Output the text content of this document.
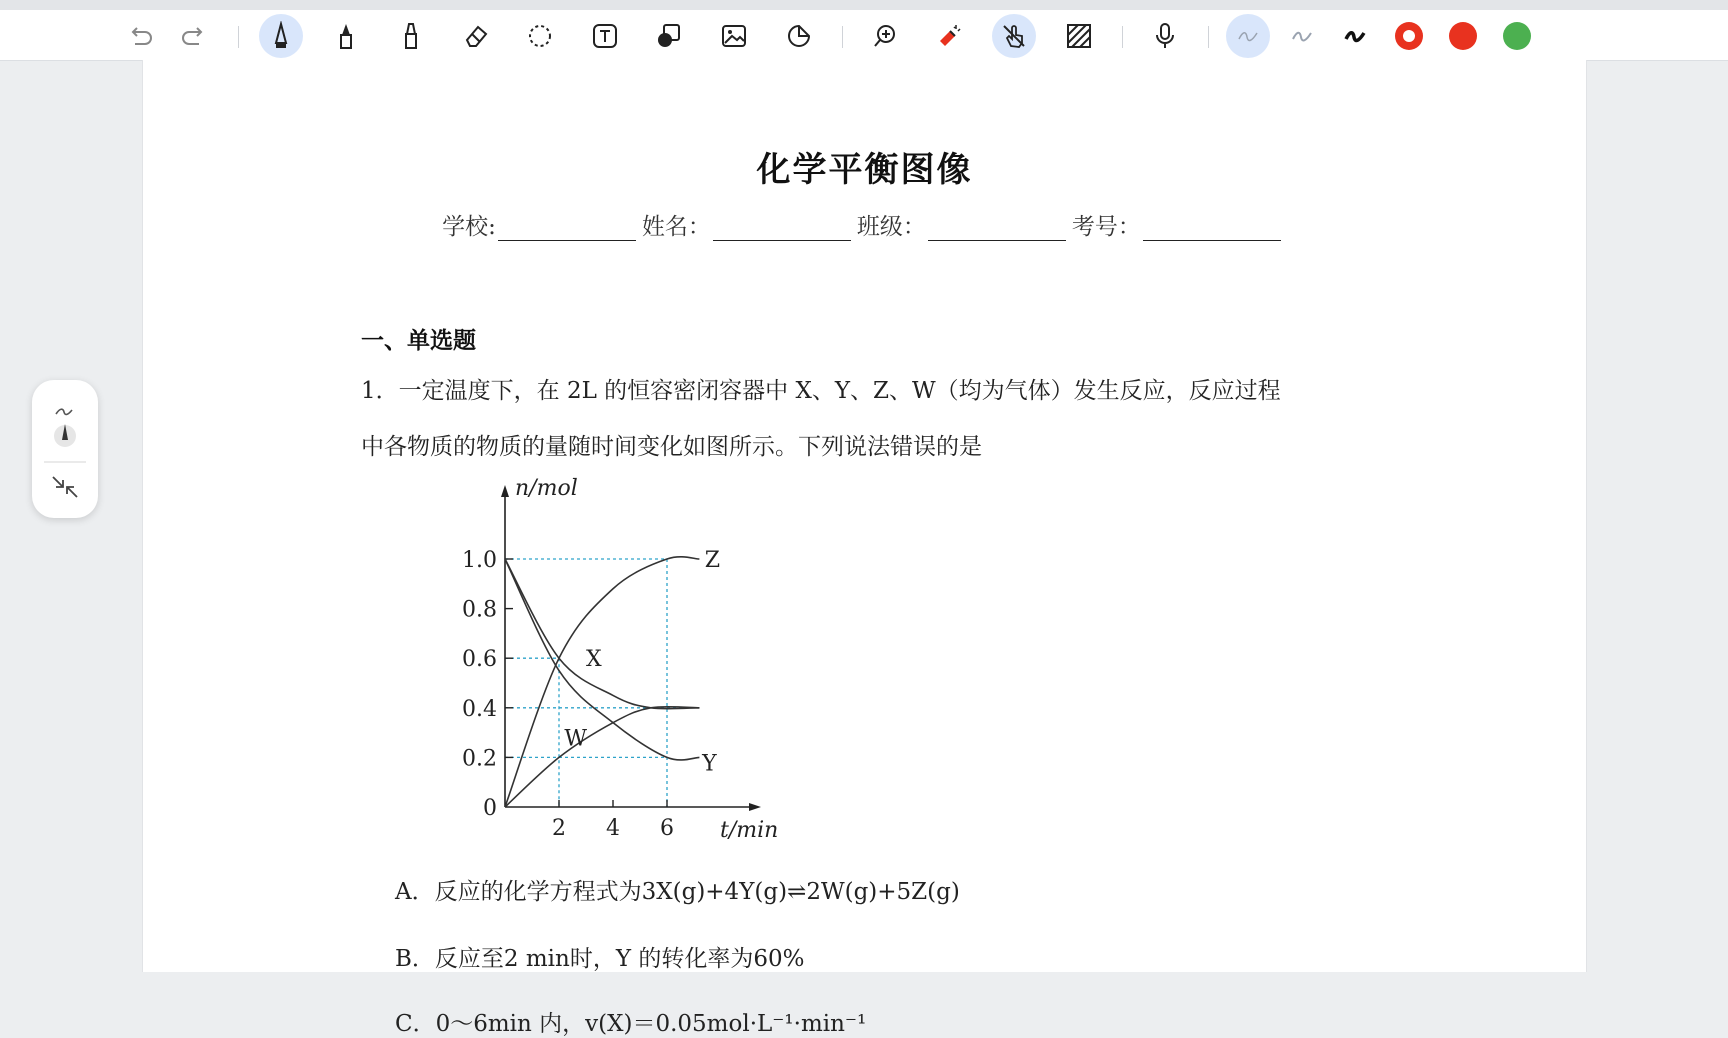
化学平衡图像
学校:	姓名：	班级：	考号：
一、单选题
1．一定温度下，在 2L 的恒容密闭容器中 X、Y、Z、W（均为气体）发生反应，反应过程
中各物质的物质的量随时间变化如图所示。下列说法错误的是
0
0.2
0.4
0.6
0.8
1.0
2 4 6
n/mol
t/min
Z
X
Y
W
A．反应的化学方程式为3X(g)+4Y(g)⇌2W(g)+5Z(g)
B．反应至2 min时，Y 的转化率为60%
C．0～6min 内，v(X)＝0.05mol·L⁻¹·min⁻¹
